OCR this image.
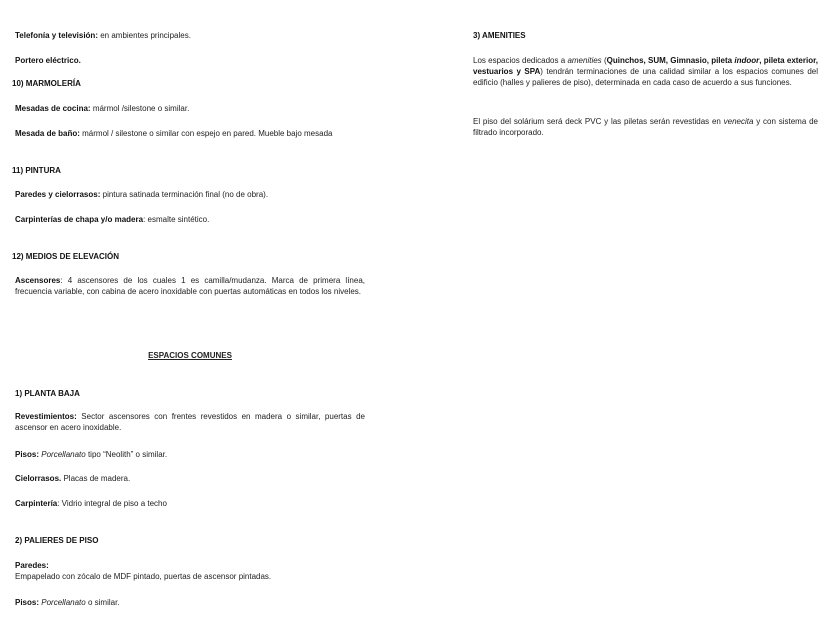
Telefonía y televisión: en ambientes principales.
Portero eléctrico.
10) MARMOLERÍA
Mesadas de cocina: mármol /silestone o similar.
Mesada de baño: mármol / silestone o similar con espejo en pared. Mueble bajo mesada
11) PINTURA
Paredes y cielorrasos: pintura satinada terminación final (no de obra).
Carpinterías de chapa y/o madera: esmalte sintético.
12) MEDIOS DE ELEVACIÓN
Ascensores: 4 ascensores de los cuales 1 es camilla/mudanza. Marca de primera línea, frecuencia variable, con cabina de acero inoxidable con puertas automáticas en todos los niveles.
ESPACIOS COMUNES
1) PLANTA BAJA
Revestimientos: Sector ascensores con frentes revestidos en madera o similar, puertas de ascensor en acero inoxidable.
Pisos: Porcellanato tipo “Neolith” o similar.
Cielorrasos. Placas de madera.
Carpintería: Vidrio integral de piso a techo
2) PALIERES DE PISO
Paredes:
Empapelado con zócalo de MDF pintado, puertas de ascensor pintadas.
Pisos: Porcellanato o similar.
3) AMENITIES
Los espacios dedicados a amenities (Quinchos, SUM, Gimnasio, pileta indoor, pileta exterior, vestuarios y SPA) tendrán terminaciones de una calidad similar a los espacios comunes del edificio (halles y palieres de piso), determinada en cada caso de acuerdo a sus funciones.
El piso del solárium será deck PVC y las piletas serán revestidas en venecita y con sistema de filtrado incorporado.
